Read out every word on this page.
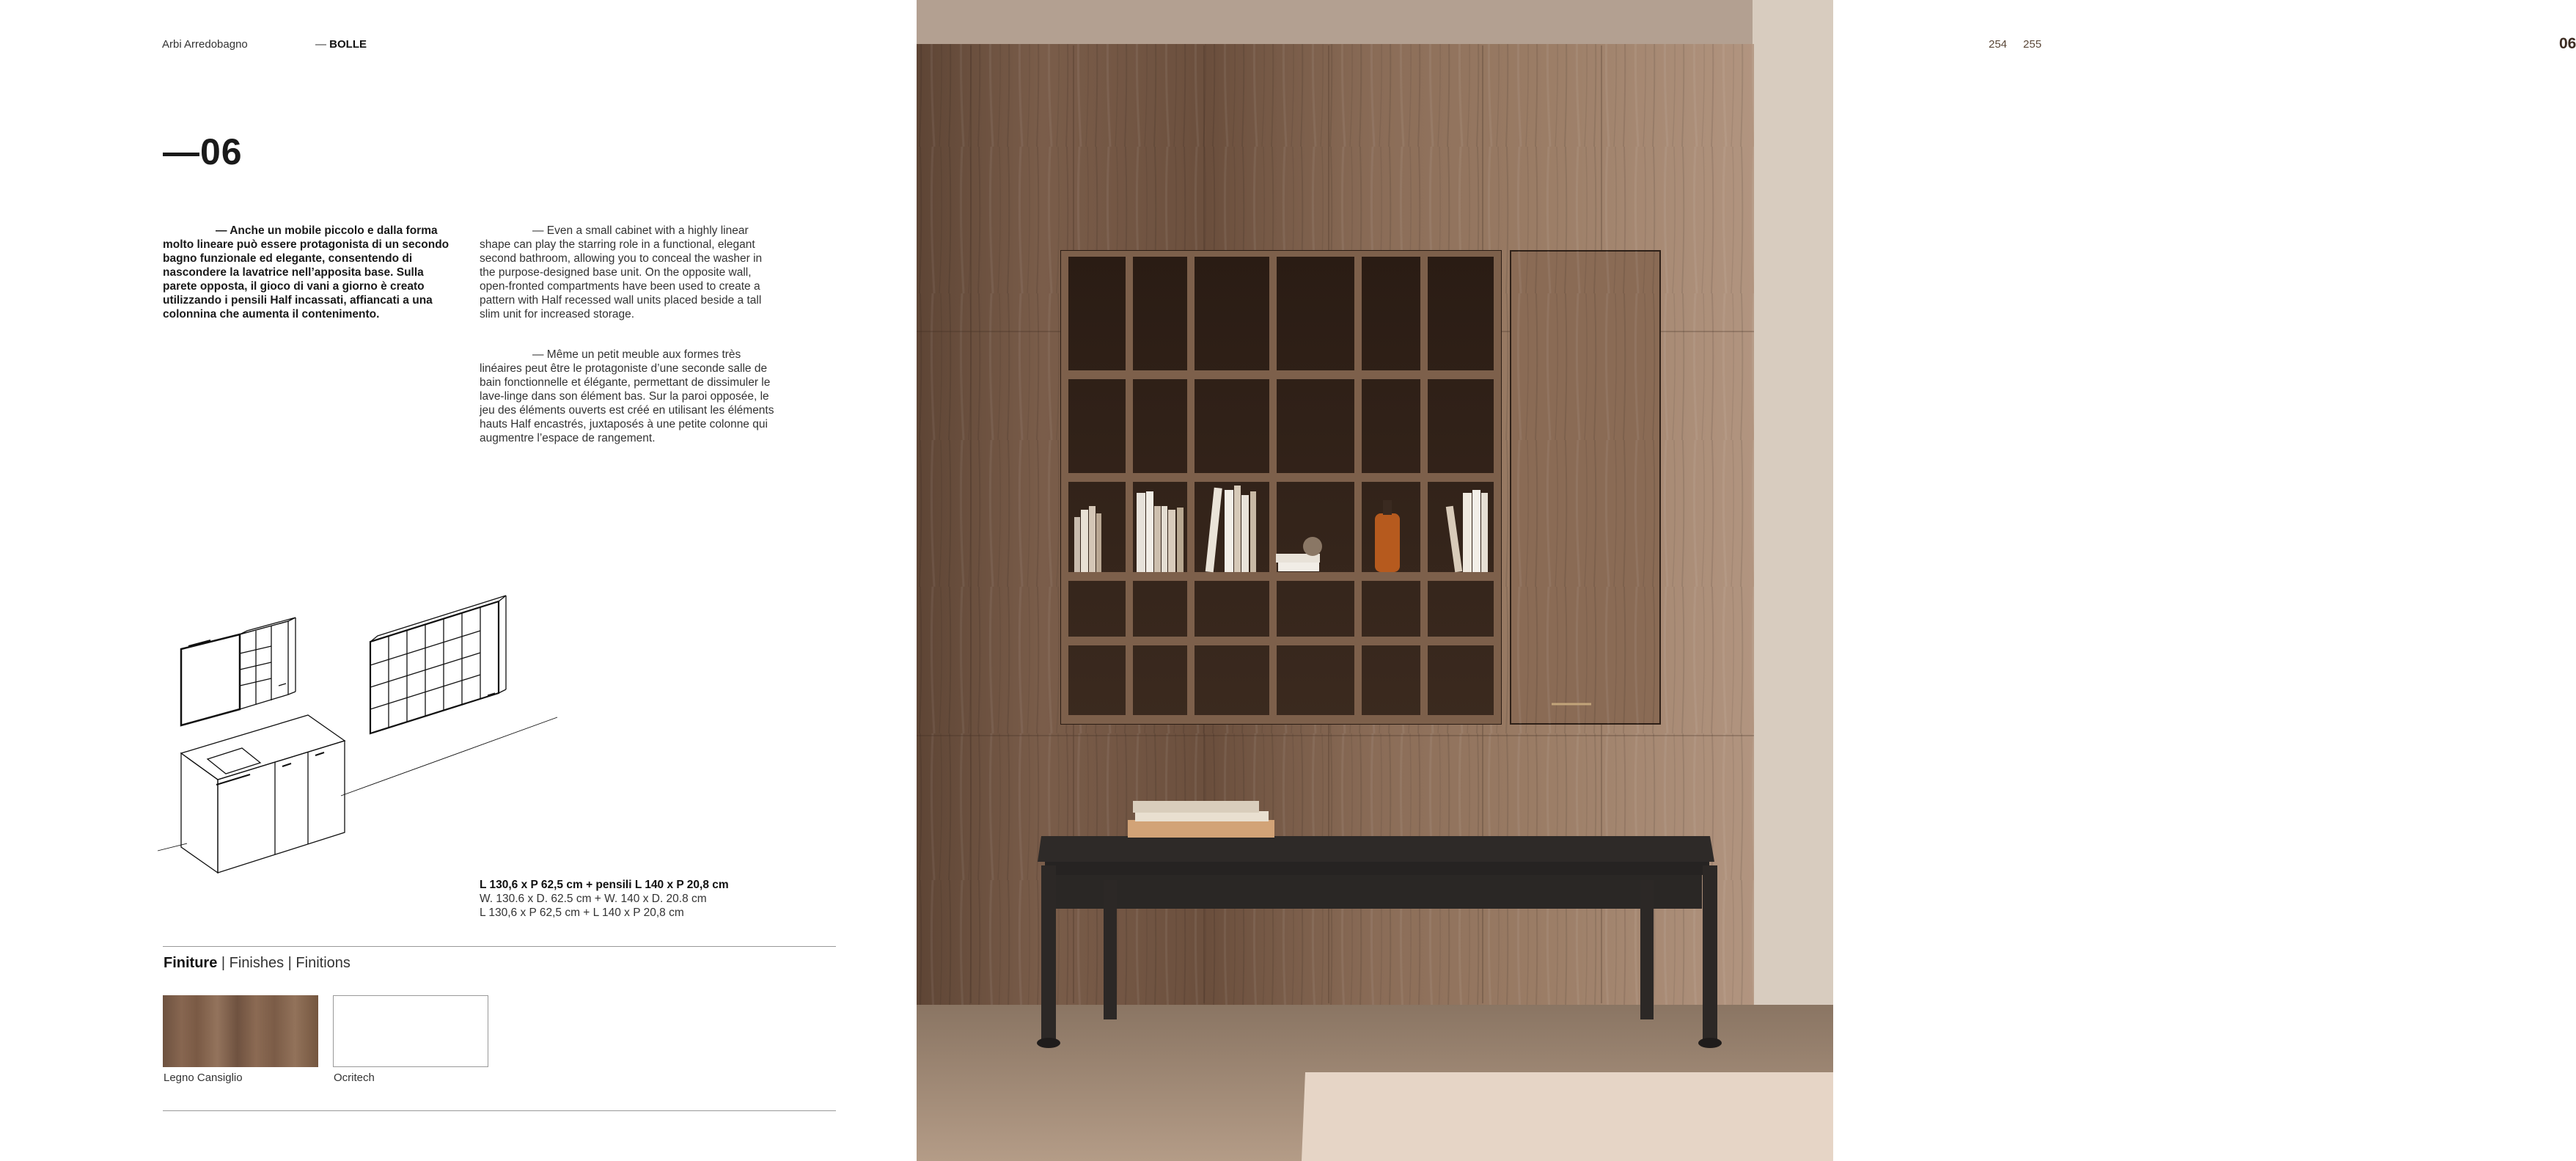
Arbi Arredobagno	— BOLLE
—06
— Anche un mobile piccolo e dalla forma molto lineare può essere protagonista di un secondo bagno funzionale ed elegante, consentendo di nascondere la lavatrice nell’apposita base. Sulla parete opposta, il gioco di vani a giorno è creato utilizzando i pensili Half incassati, affiancati a una colonnina che aumenta il contenimento.
— Even a small cabinet with a highly linear shape can play the starring role in a functional, elegant second bathroom, allowing you to conceal the washer in the purpose-designed base unit. On the opposite wall, open-fronted compartments have been used to create a pattern with Half recessed wall units placed beside a tall slim unit for increased storage.
— Même un petit meuble aux formes très linéaires peut être le protagoniste d’une seconde salle de bain fonctionnelle et élégante, permettant de dissimuler le lave-linge dans son élément bas. Sur la paroi opposée, le jeu des éléments ouverts est créé en utilisant les éléments hauts Half encastrés, juxtaposés à une petite colonne qui augmentre l’espace de rangement.
L 130,6 x P 62,5 cm + pensili L 140 x P 20,8 cm
W. 130.6 x D. 62.5 cm + W. 140 x D. 20.8 cm
L 130,6 x P 62,5 cm + L 140 x P 20,8 cm
Finiture | Finishes | Finitions
Legno Cansiglio	Ocritech
254 255	06
